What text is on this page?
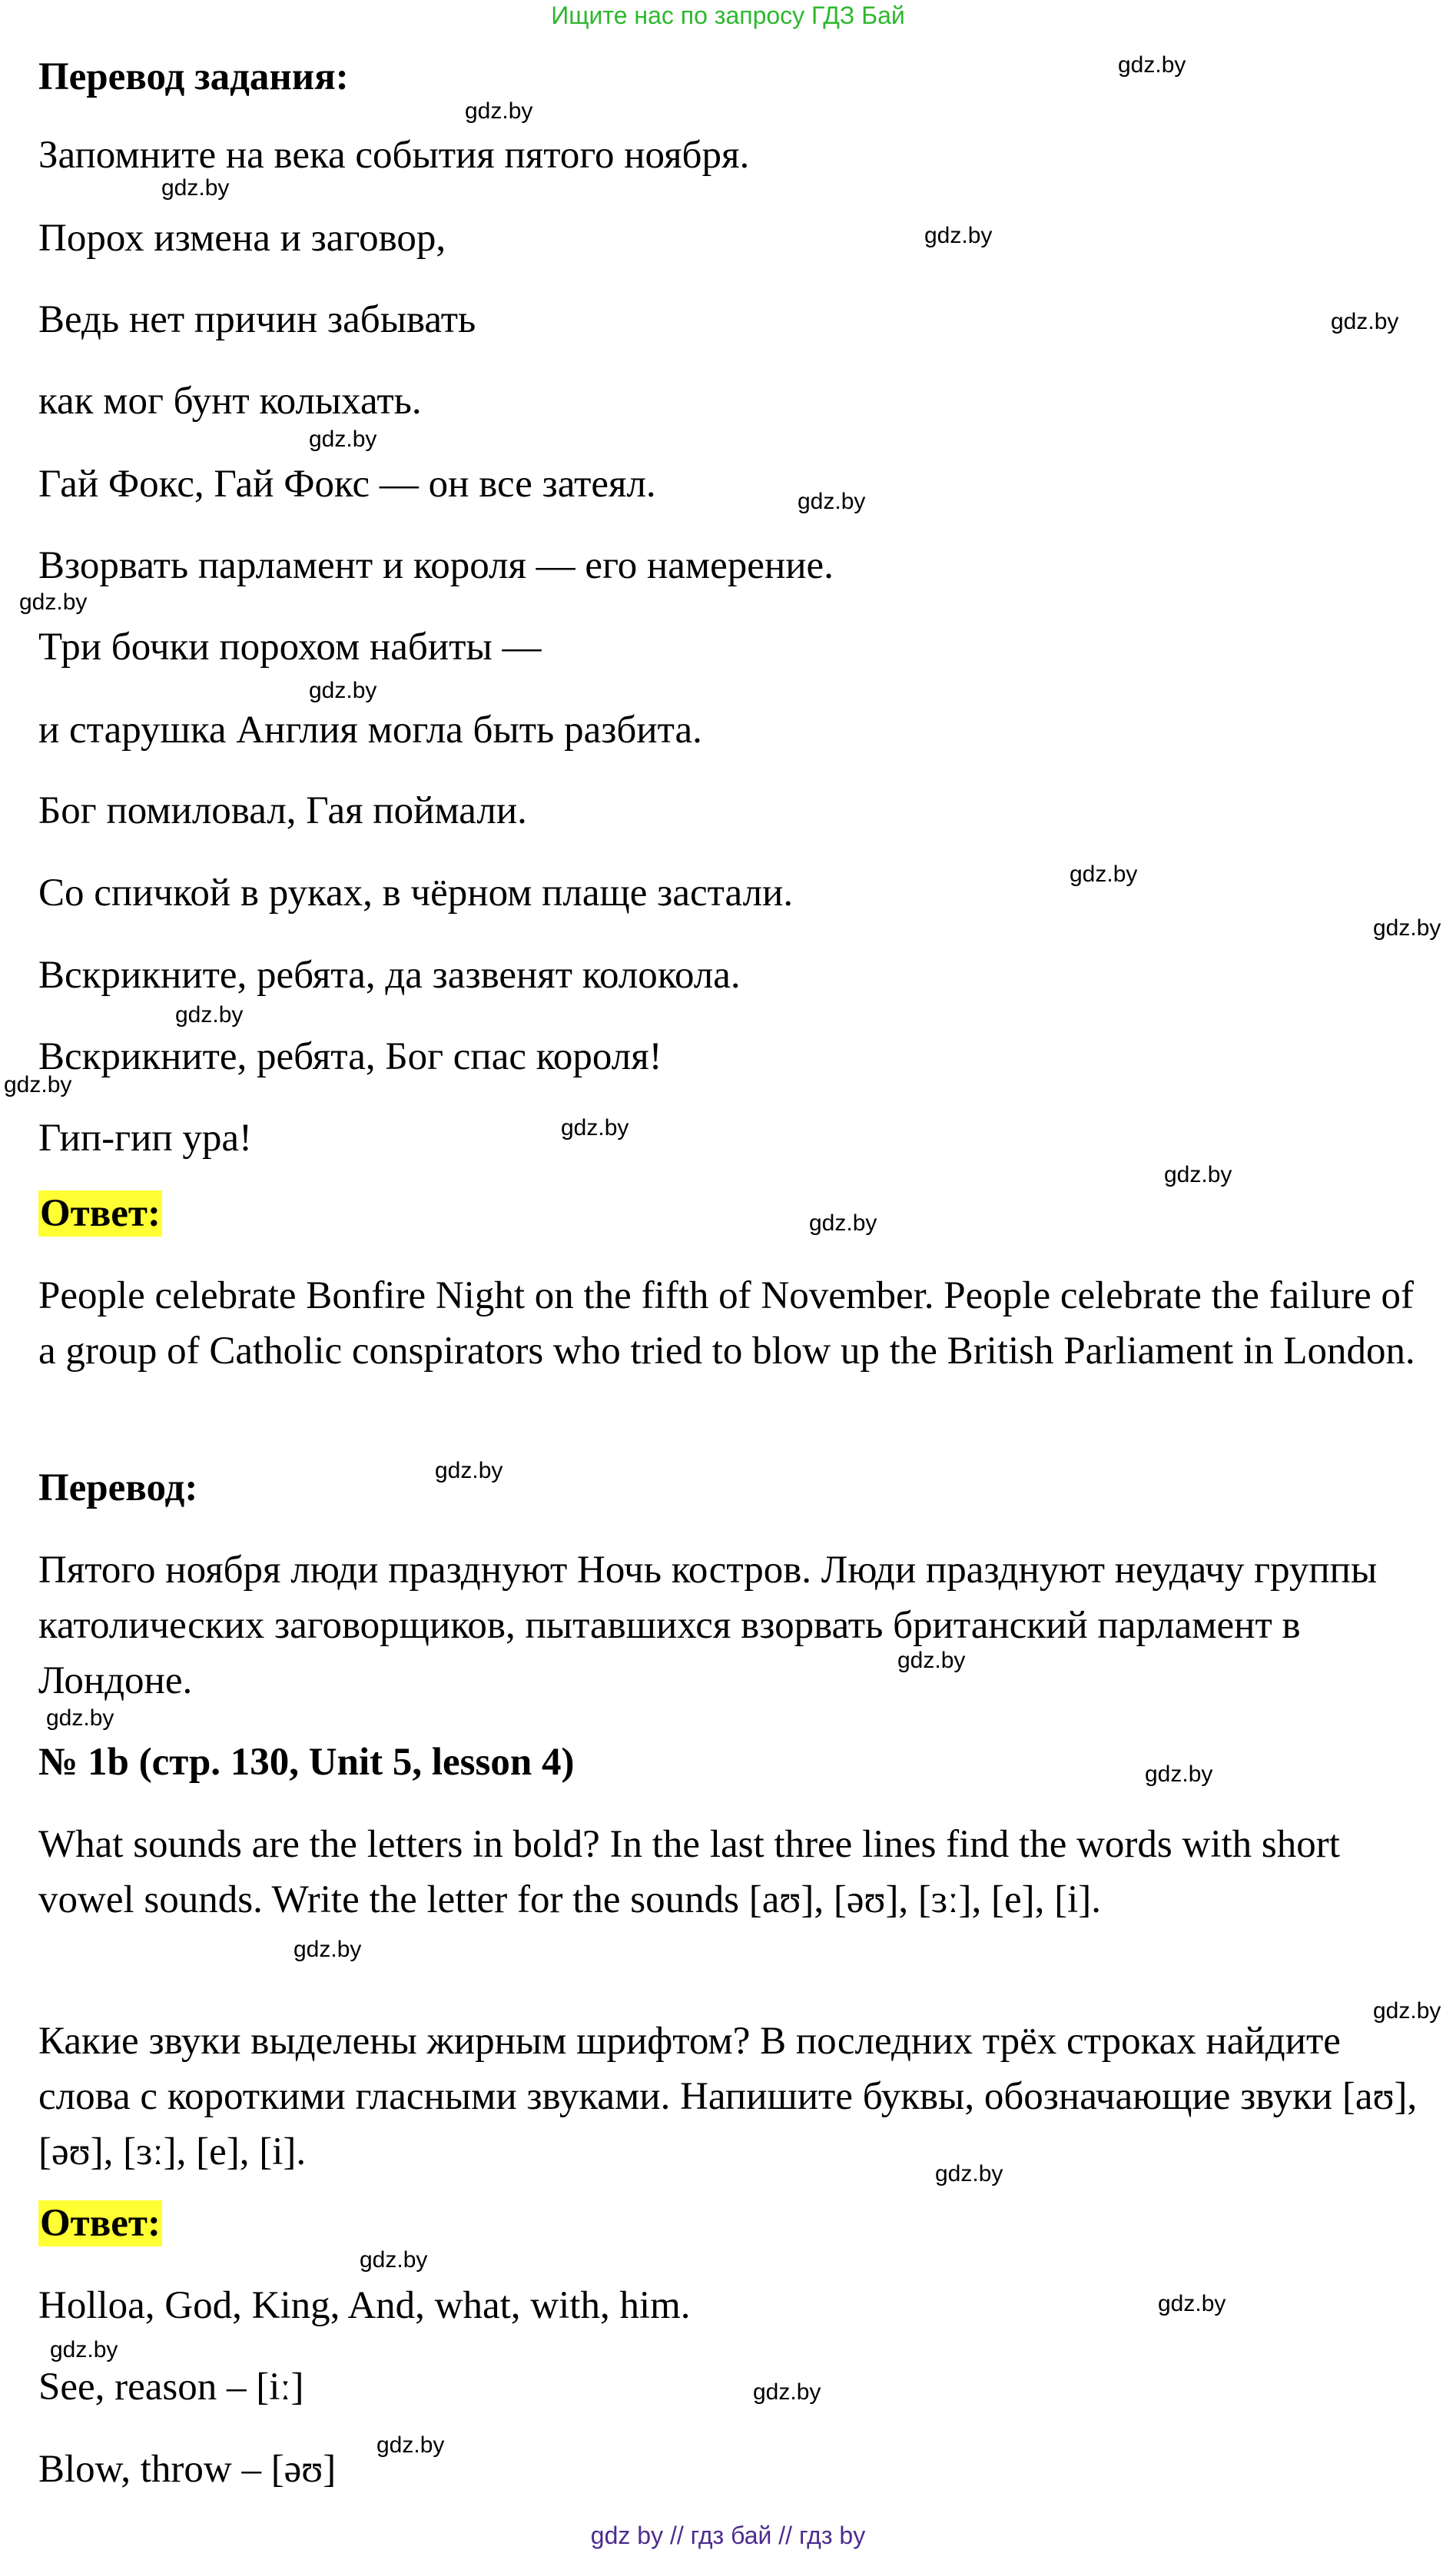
Ищите нас по запросу ГДЗ Бай
Перевод задания:
Запомните на века события пятого ноября.
Порох измена и заговор,
Ведь нет причин забывать
как мог бунт колыхать.
Гай Фокс, Гай Фокс — он все затеял.
Взорвать парламент и короля — его намерение.
Три бочки порохом набиты —
и старушка Англия могла быть разбита.
Бог помиловал, Гая поймали.
Со спичкой в руках, в чёрном плаще застали.
Вскрикните, ребята, да зазвенят колокола.
Вскрикните, ребята, Бог спас короля!
Гип-гип ура!
Ответ:
People celebrate Bonfire Night on the fifth of November. People celebrate the failure of a group of Catholic conspirators who tried to blow up the British Parliament in London.
Перевод:
Пятого ноября люди празднуют Ночь костров. Люди празднуют неудачу группы католических заговорщиков, пытавшихся взорвать британский парламент в Лондоне.
№ 1b (стр. 130, Unit 5, lesson 4)
What sounds are the letters in bold? In the last three lines find the words with short vowel sounds. Write the letter for the sounds [aʊ], [əʊ], [ɜː], [e], [i].
Какие звуки выделены жирным шрифтом? В последних трёх строках найдите слова с короткими гласными звуками. Напишите буквы, обозначающие звуки [aʊ], [əʊ], [ɜː], [e], [i].
Ответ:
Holloa, God, King, And, what, with, him.
See, reason – [iː]
Blow, throw – [əʊ]
gdz.by
gdz.by
gdz.by
gdz.by
gdz.by
gdz.by
gdz.by
gdz.by
gdz.by
gdz.by
gdz.by
gdz.by
gdz.by
gdz.by
gdz.by
gdz.by
gdz.by
gdz.by
gdz.by
gdz.by
gdz.by
gdz.by
gdz.by
gdz.by
gdz.by
gdz.by
gdz.by
gdz.by
gdz by // гдз бай // гдз by
